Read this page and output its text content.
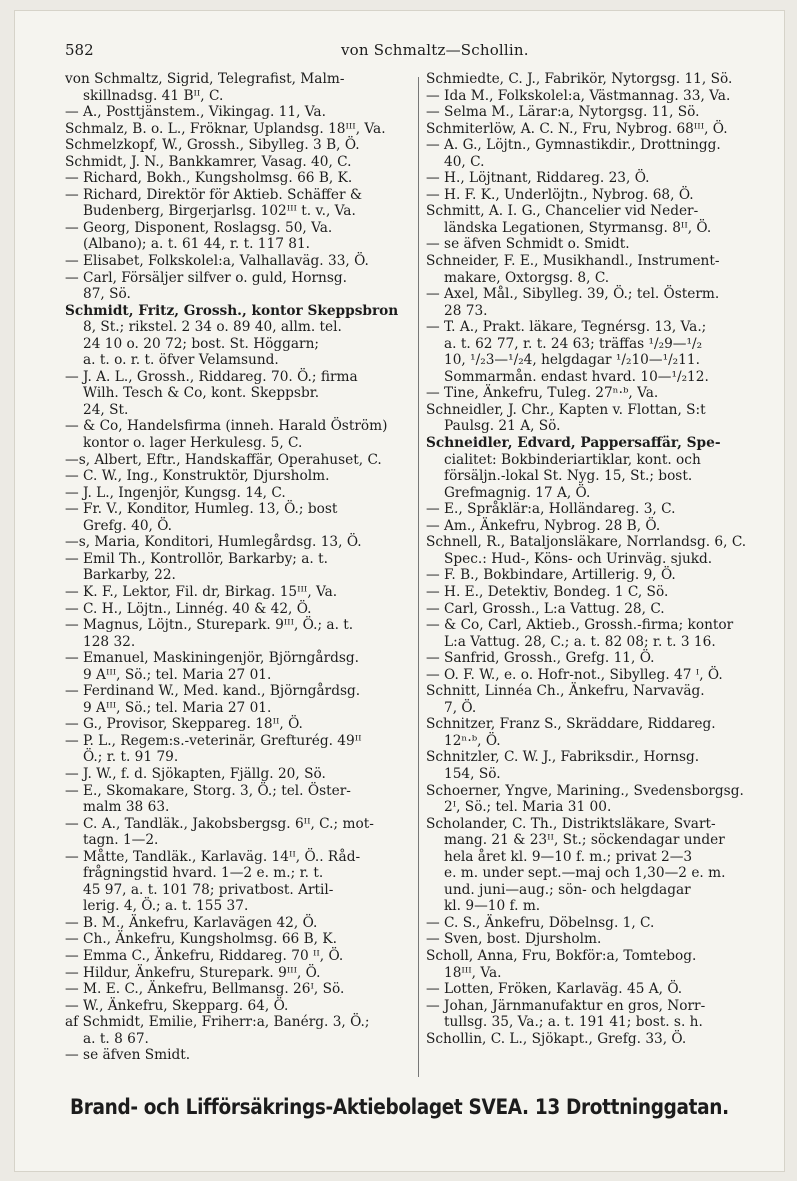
582	von Schmaltz—Schollin.
von Schmaltz, Sigrid, Telegrafist, Malm-
skillnadsg. 41 Bᴵᴵ, C.
— A., Posttjänstem., Vikingag. 11, Va.
Schmalz, B. o. L., Fröknar, Uplandsg. 18ᴵᴵᴵ, Va.
Schmelzkopf, W., Grossh., Sibylleg. 3 B, Ö.
Schmidt, J. N., Bankkamrer, Vasag. 40, C.
— Richard, Bokh., Kungsholmsg. 66 B, K.
— Richard, Direktör för Aktieb. Schäffer &
Budenberg, Birgerjarlsg. 102ᴵᴵᴵ t. v., Va.
— Georg, Disponent, Roslagsg. 50, Va.
(Albano); a. t. 61 44, r. t. 117 81.
— Elisabet, Folkskolel:a, Valhallaväg. 33, Ö.
— Carl, Försäljer silfver o. guld, Hornsg.
87, Sö.
Schmidt, Fritz, Grossh., kontor Skeppsbron
8, St.; rikstel. 2 34 o. 89 40, allm. tel.
24 10 o. 20 72; bost. St. Höggarn;
a. t. o. r. t. öfver Velamsund.
— J. A. L., Grossh., Riddareg. 70. Ö.; firma
Wilh. Tesch & Co, kont. Skeppsbr.
24, St.
— & Co, Handelsfirma (inneh. Harald Öström)
kontor o. lager Herkulesg. 5, C.
—s, Albert, Eftr., Handskaffär, Operahuset, C.
— C. W., Ing., Konstruktör, Djursholm.
— J. L., Ingenjör, Kungsg. 14, C.
— Fr. V., Konditor, Humleg. 13, Ö.; bost
Grefg. 40, Ö.
—s, Maria, Konditori, Humlegårdsg. 13, Ö.
— Emil Th., Kontrollör, Barkarby; a. t.
Barkarby, 22.
— K. F., Lektor, Fil. dr, Birkag. 15ᴵᴵᴵ, Va.
— C. H., Löjtn., Linnég. 40 & 42, Ö.
— Magnus, Löjtn., Sturepark. 9ᴵᴵᴵ, Ö.; a. t.
128 32.
— Emanuel, Maskiningenjör, Björngårdsg.
9 Aᴵᴵᴵ, Sö.; tel. Maria 27 01.
— Ferdinand W., Med. kand., Björngårdsg.
9 Aᴵᴵᴵ, Sö.; tel. Maria 27 01.
— G., Provisor, Skeppareg. 18ᴵᴵ, Ö.
— P. L., Regem:s.-veterinär, Grefturég. 49ᴵᴵ
Ö.; r. t. 91 79.
— J. W., f. d. Sjökapten, Fjällg. 20, Sö.
— E., Skomakare, Storg. 3, Ö.; tel. Öster-
malm 38 63.
— C. A., Tandläk., Jakobsbergsg. 6ᴵᴵ, C.; mot-
tagn. 1—2.
— Måtte, Tandläk., Karlaväg. 14ᴵᴵ, Ö.. Råd-
frågningstid hvard. 1—2 e. m.; r. t.
45 97, a. t. 101 78; privatbost. Artil-
lerig. 4, Ö.; a. t. 155 37.
— B. M., Änkefru, Karlavägen 42, Ö.
— Ch., Änkefru, Kungsholmsg. 66 B, K.
— Emma C., Änkefru, Riddareg. 70 ᴵᴵ, Ö.
— Hildur, Änkefru, Sturepark. 9ᴵᴵᴵ, Ö.
— M. E. C., Änkefru, Bellmansg. 26ᴵ, Sö.
— W., Änkefru, Skepparg. 64, Ö.
af Schmidt, Emilie, Friherr:a, Banérg. 3, Ö.;
a. t. 8 67.
— se äfven Smidt.
Schmiedte, C. J., Fabrikör, Nytorgsg. 11, Sö.
— Ida M., Folkskolel:a, Västmannag. 33, Va.
— Selma M., Lärar:a, Nytorgsg. 11, Sö.
Schmiterlöw, A. C. N., Fru, Nybrog. 68ᴵᴵᴵ, Ö.
— A. G., Löjtn., Gymnastikdir., Drottningg.
40, C.
— H., Löjtnant, Riddareg. 23, Ö.
— H. F. K., Underlöjtn., Nybrog. 68, Ö.
Schmitt, A. I. G., Chancelier vid Neder-
ländska Legationen, Styrmansg. 8ᴵᴵ, Ö.
— se äfven Schmidt o. Smidt.
Schneider, F. E., Musikhandl., Instrument-
makare, Oxtorgsg. 8, C.
— Axel, Mål., Sibylleg. 39, Ö.; tel. Österm.
28 73.
— T. A., Prakt. läkare, Tegnérsg. 13, Va.;
a. t. 62 77, r. t. 24 63; träffas ¹/₂9—¹/₂
10, ¹/₂3—¹/₂4, helgdagar ¹/₂10—¹/₂11.
Sommarmån. endast hvard. 10—¹/₂12.
— Tine, Änkefru, Tuleg. 27ⁿ·ᵇ, Va.
Schneidler, J. Chr., Kapten v. Flottan, S:t
Paulsg. 21 A, Sö.
Schneidler, Edvard, Pappersaffär, Spe-
cialitet: Bokbinderiartiklar, kont. och
försäljn.-lokal St. Nyg. 15, St.; bost.
Grefmagnig. 17 A, Ö.
— E., Språklär:a, Holländareg. 3, C.
— Am., Änkefru, Nybrog. 28 B, Ö.
Schnell, R., Bataljonsläkare, Norrlandsg. 6, C.
Spec.: Hud-, Köns- och Urinväg. sjukd.
— F. B., Bokbindare, Artillerig. 9, Ö.
— H. E., Detektiv, Bondeg. 1 C, Sö.
— Carl, Grossh., L:a Vattug. 28, C.
— & Co, Carl, Aktieb., Grossh.-firma; kontor
L:a Vattug. 28, C.; a. t. 82 08; r. t. 3 16.
— Sanfrid, Grossh., Grefg. 11, Ö.
— O. F. W., e. o. Hofr-not., Sibylleg. 47 ᴵ, Ö.
Schnitt, Linnéa Ch., Änkefru, Narvaväg.
7, Ö.
Schnitzer, Franz S., Skräddare, Riddareg.
12ⁿ·ᵇ, Ö.
Schnitzler, C. W. J., Fabriksdir., Hornsg.
154, Sö.
Schoerner, Yngve, Marining., Svedensborgsg.
2ᴵ, Sö.; tel. Maria 31 00.
Scholander, C. Th., Distriktsläkare, Svart-
mang. 21 & 23ᴵᴵ, St.; söckendagar under
hela året kl. 9—10 f. m.; privat 2—3
e. m. under sept.—maj och 1,30—2 e. m.
und. juni—aug.; sön- och helgdagar
kl. 9—10 f. m.
— C. S., Änkefru, Döbelnsg. 1, C.
— Sven, bost. Djursholm.
Scholl, Anna, Fru, Bokför:a, Tomtebog.
18ᴵᴵᴵ, Va.
— Lotten, Fröken, Karlaväg. 45 A, Ö.
— Johan, Järnmanufaktur en gros, Norr-
tullsg. 35, Va.; a. t. 191 41; bost. s. h.
Schollin, C. L., Sjökapt., Grefg. 33, Ö.
Brand- och Lifförsäkrings-Aktiebolaget SVEA. 13 Drottninggatan.
